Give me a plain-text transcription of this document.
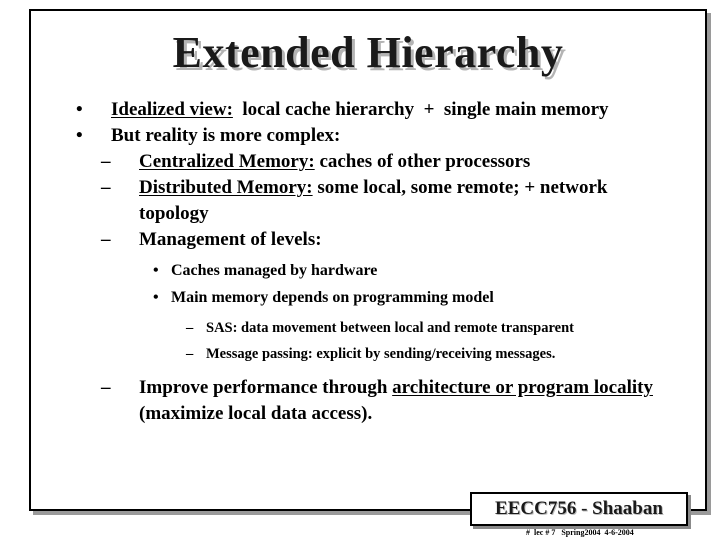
Extended Hierarchy
• Idealized view:  local cache hierarchy  +  single main memory
• But reality is more complex:
– Centralized Memory: caches of other processors
– Distributed Memory: some local, some remote; + network topology
– Management of levels:
• Caches managed by hardware
• Main memory depends on programming model
– SAS: data movement between local and remote transparent
– Message passing: explicit by sending/receiving messages.
– Improve performance through architecture or program locality  (maximize local data access).
EECC756 - Shaaban
#  lec # 7   Spring2004  4-6-2004
